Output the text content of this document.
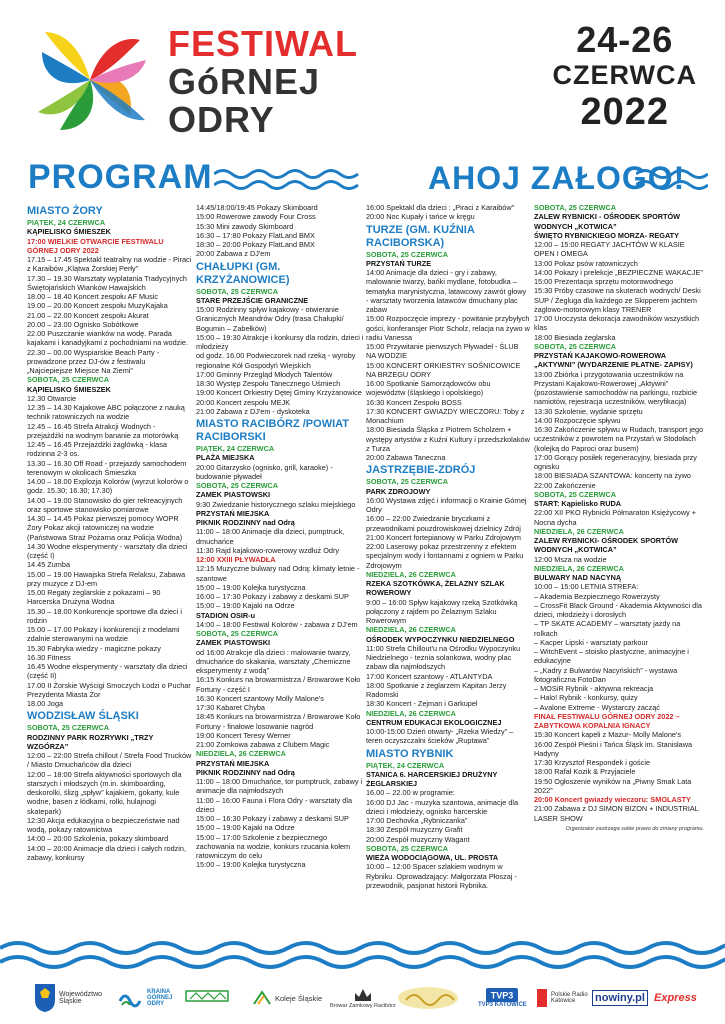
FESTIWAL
GóRNEJ
ODRY
24-26
CZERWCA
2022
PROGRAM	AHOJ ZAŁOGO!
MIASTO ŻORY
PIĄTEK, 24 CZERWCA
KĄPIELISKO ŚMIESZEK
17:00 WIELKIE OTWARCIE FESTIWALU GÓRNEJ ODRY 2022
17.15 – 17.45 Spektakl teatralny na wodzie - Piraci z Karaibów „Klątwa Żorskiej Perły”
17.30 – 19.30 Warsztaty wyplatania Tradycyjnych Świętojańskich Wianków Hawajskich
18.00 – 18.40 Koncert zespołu AF Music
19.00 – 20.00 Koncert zespołu MuzyKajaka
21.00 – 22.00 Koncert zespołu Akurat
20.00 – 23.00 Ognisko Sobótkowe
22.00 Puszczanie wianków na wodę. Parada kajakami i kanadyjkami z pochodniami na wodzie.
22.30 – 00.00 Wyspiarskie Beach Party - prowadzone przez DJ-ów z festiwalu „Najciepiejsze Miejsce Na Ziemi”
SOBOTA, 25 CZERWCA
KĄPIELISKO ŚMIESZEK
12.30 Otwarcie
12.35 – 14.30 Kajakowe ABC połączone z nauką technik ratowniczych na wodzie
12.45 – 16.45 Strefa Atrakcji Wodnych - przejażdżki na wodnym bananie za motorówką
12.45 – 16.45 Przejażdżki żaglówką - klasa rodzinna 2-3 os.
13.30 – 16.30 Off Road - przejazdy samochodem terenowym w okolicach Śmieszka
14.00 – 18.00 Explozja Kolorów (wyrzut kolorów o godz. 15.30; 16.30; 17.30)
14.00 – 19.00 Stanowisko do gier rekreacyjnych oraz sportowe stanowisko pomiarowe
14.30 – 14.45 Pokaz pierwszej pomocy WOPR Żory Pokaz akcji ratowniczej na wodzie (Państwowa Straż Pożarna oraz Policja Wodna)
14.30 Wodne eksperymenty - warsztaty dla dzieci (część I)
14.45 Zumba
15.00 – 19.00 Hawajska Strefa Relaksu, Zabawa przy muzyce z DJ-em
15.00 Regaty żeglarskie z pokazami – 90 Harcerska Drużyna Wodna
15.30 – 18.00 Konkurencje sportowe dla dzieci i rodzin
15.00 – 17.00 Pokazy i konkurencji z modelami zdalnie sterowanymi na wodzie
15.30 Fabryka wiedzy - magiczne pokazy
16.30 Fitness
16.45 Wodne eksperymenty - warsztaty dla dzieci (część II)
17.00 II Żorskie Wyścigi Smoczych Łodzi o Puchar Prezydenta Miasta Żor
18.00 Joga
WODZISŁAW ŚLĄSKI
SOBOTA, 25 CZERWCA
RODZINNY PARK ROZRYWKI „TRZY WZGÓRZA”
12:00 – 22:00 Strefa chillout / Strefa Food Trucków / Miasto Dmuchańców dla dzieci
12:00 – 18:00 Strefa aktywności sportowych dla starszych i młodszych (m.in. skimboarding, deskorolki, ślizg „spływ” kajakiem, gokarty, kule wodne, basen z łódkami, rolki, hulajnogi skatepark)
12:30 Akcja edukacyjna o bezpieczeństwie nad wodą, pokazy ratownictwa
14:00 – 20:00 Szkolenia, pokazy skimboard
14:00 – 20:00 Animacje dla dzieci i całych rodzin, zabawy, konkursy
14:45/18:00/19:45 Pokazy Skimboard
15:00 Rowerowe zawody Four Cross
15:30 Mini zawody Skimboard
16:30 – 17:80 Pokazy FlatLand BMX
18:30 – 20:00 Pokazy FlatLand BMX
20:00 Zabawa z DJ'em
CHAŁUPKI (GM. KRZYŻANOWICE)
SOBOTA, 25 CZERWCA
STARE PRZEJŚCIE GRANICZNE
15:00 Rodzinny spływ kajakowy - otwieranie Granicznych Meandrów Odry (trasa Chałupki/ Bogumin – Zabełków)
15:00 – 19:30 Atrakcje i konkursy dla rodzin, dzieci i młodzieży
od godz. 16.00 Podwieczorek nad rzeką - wyroby regionalne Kół Gospodyń Wiejskich
17:00 Gminny Przegląd Młodych Talentów
18:30 Występ Zespołu Tanecznego Uśmiech
19:00 Koncert Orkiestry Dętej Gminy Krzyżanowice
20:00 Koncert zespołu MEJK
21:00 Zabawa z DJ'em - dyskoteka
MIASTO RACIBÓRZ /POWIAT RACIBORSKI
PIĄTEK, 24 CZERWCA
PLAŻA MIEJSKA
20:00 Gitarzysko (ognisko, grill, karaoke) - budowanie pływadeł
SOBOTA, 25 CZERWCA
ZAMEK PIASTOWSKI
9:30 Zwiedzanie historycznego szlaku miejskiego
PRZYSTAŃ MIEJSKA
PIKNIK RODZINNY nad Odrą
11:00 – 18:00 Animacje dla dzieci, pumptruck, dmuchańce
11:30 Rajd kajakowo-rowerowy wzdłuż Odry
12:00 XXIII PŁYWADŁA
12:15 Muzyczne bulwary nad Odrą: klimaty letnie - szantowe
15:00 – 19:00 Kolejka turystyczna
16:00 – 17:30 Pokazy i zabawy z deskami SUP
15:00 – 19:00 Kajaki na Odrze
STADION OSIR-u
14:00 – 18:00 Festiwal Kolorów - zabawa z DJ'em
SOBOTA, 25 CZERWCA
ZAMEK PIASTOWSKI
od 16:00 Atrakcje dla dzieci : malowanie twarzy, dmuchańce do skakania, warsztaty „Chemiczne eksperymenty z wodą”
16:15 Konkurs na browarmistrza / Browarowe Koło Fortuny - część I
16:30 Koncert szantowy Molly Malone's
17:30 Kabaret Chyba
18:45 Konkurs na browarmistrza / Browarowe Koło Fortuny - finałowe losowanie nagród
19:00 Koncert Teresy Werner
21:00 Zomkowa zabawa z Clubem Magic
NIEDZIELA, 26 CZERWCA
PRZYSTAŃ MIEJSKA
PIKNIK RODZINNY nad Odrą
11:00 – 18:00 Dmuchańce, tor pumptruck, zabawy i animacje dla najmłodszych
11:00 – 16:00 Fauna i Flora Odry - warsztaty dla dzieci
15:00 – 16:30 Pokazy i zabawy z deskami SUP
15:00 – 19:00 Kajaki na Odrze
15:00 – 17:00 Szkolenie z bezpiecznego zachowania na wodzie, konkurs rzucania kołem ratowniczym do celu
15:00 – 19:00 Kolejka turystyczna
16:00 Spektakl dla dzieci : „Piraci z Karaibów”
20:00 Noc Kupały i tańce w kręgu
TURZE (GM. KUŹNIA RACIBORSKA)
SOBOTA, 25 CZERWCA
PRZYSTAŃ TURZE
14:00 Animacje dla dzieci - gry i zabawy, malowanie twarzy, bańki mydlane, fotobudka – tematyka marynistyczna, latawcowy zawrót głowy - warsztaty tworzenia latawców dmuchany plac zabaw
15:00 Rozpoczęcie imprezy - powitanie przybyłych gości, konferansjer Piotr Scholz, relacja na żywo w radiu Vanessa
15:00 Przywitanie pierwszych Pływadeł - ŚLUB NA WODZIE
15:00 KONCERT ORKIESTRY SOŚNICOWICE NA BRZEGU ODRY
16:00 Spotkanie Samorządowców obu województw (śląskiego i opolskiego)
16:30 Koncert Zespołu BOSS
17:30 KONCERT GWIAZDY WIECZORU: Toby z Monachium
18:00 Biesiada Śląska z Piotrem Scholzem + występy artystów z Kuźni Kultury i przedszkolaków z Turza
20:00 Zabawa Taneczna
JASTRZĘBIE-ZDRÓJ
SOBOTA, 25 CZERWCA
PARK ZDROJOWY
16:00 Wystawa zdjęć i informacji o Krainie Górnej Odry
16:00 – 22:00 Zwiedzanie bryczkami z przewodnikami pouzdrowiskowej dzielnicy Zdrój
21:00 Koncert fortepianowy w Parku Zdrojowym
22:00 Laserowy pokaz przestrzenny z efektem specjalnym wody i fontannami z ogniem w Parku Zdrojowym
NIEDZIELA, 26 CZERWCA
RZEKA SZOTKÓWKA, ŻELAZNY SZLAK ROWEROWY
9:00 – 16:00 Spływ kajakowy rzeką Szotkówką połączony z rajdem po Żelaznym Szlaku Rowerowym
NIEDZIELA, 26 CZERWCA
OŚRODEK WYPOCZYNKU NIEDZIELNEGO
11:00 Strefa Chillout'u na Ośrodku Wypoczynku Niedzielnego - teznia solankowa, wodny plac zabaw dla najmłodszych
17:00 Koncert szantowy - ATLANTYDA
18:00 Spotkanie z żeglarzem Kapitan Jerzy Radomski
18:30 Koncert - Zejman i Garkupel
NIEDZIELA, 26 CZERWCA
CENTRUM EDUKACJI EKOLOGICZNEJ
10:00-15:00 Dzień otwarty- „Rzeka Wiedzy” – teren oczyszczalni ścieków „Ruptawa”
MIASTO RYBNIK
PIĄTEK, 24 CZERWCA
STANICA 6. HARCERSKIEJ DRUŻYNY ŻEGLARSKIEJ
16.00 – 22.00 w programie:
16:00 DJ Jac - muzyka szantowa, animacje dla dzieci i młodzieży, ognisko harcerskie
17:00 Dechovka „Rybniczanka”
18:30 Zespół muzyczny Grafit
20:00 Zespół muzyczny Wagant
SOBOTA, 25 CZERWCA
WIEŻA WODOCIĄGOWA, UL. PROSTA
10:00 – 12:00 Spacer szlakiem wodnym w Rybniku. Oprowadzający: Małgorzata Płoszaj - przewodnik, pasjonat historii Rybnika.
SOBOTA, 25 CZERWCA
ZALEW RYBNICKI - OŚRODEK SPORTÓW WODNYCH „KOTWICA”
ŚWIĘTO RYBNICKIEGO MORZA- REGATY
12:00 – 15:00 REGATY JACHTÓW W KLASIE OPEN I OMEGA
13:00 Pokaz psów ratowniczych
14:00 Pokazy i prelekcje „BEZPIECZNE WAKACJE”
15:00 Prezentacja sprzętu motorowodnego
15:30 Próby czasowe na skuterach wodnych/ Deski SUP / Żegluga dla każdego ze Skipperem jachtem żaglowo-motorowym klasy TRENER
17:00 Uroczysta dekoracja zawodników wszystkich klas
18:00 Biesiada żeglarska
SOBOTA, 25 CZERWCA
PRZYSTAŃ KAJAKOWO-ROWEROWA „AKTYWNI” (WYDARZENIE PŁATNE- ZAPISY)
13:00 Zbiórka i przygotowania uczestników na Przystani Kajakowo-Rowerowej „Aktywni” (pozostawienie samochodów na parkingu, rozbicie namiotów, rejestracja uczestników, weryfikacja)
13:30 Szkolenie, wydanie sprzętu
14:00 Rozpoczęcie spływu
16:30 Zakończenie spływu w Rudach, transport jego uczestników z powrotem na Przystań w Stodołach (kolejką do Paproci oraz busem)
17:00 Gorący posiłek regeneracyjny, biesiada przy ognisku
18:00 BIESIADA SZANTOWA: koncerty na żywo
22:00 Zakończenie
SOBOTA, 25 CZERWCA
START: Kąpielisko RUDA
22:00 XII PKO Rybnicki Półmaraton Księżycowy + Nocna dycha
NIEDZIELA, 26 CZERWCA
ZALEW RYBNICKI- OŚRODEK SPORTÓW WODNYCH „KOTWICA”
12:00 Msza na wodzie
NIEDZIELA, 26 CZERWCA
BULWARY NAD NACYNĄ
10:00 – 15:00 LETNIA STREFA:
– Akademia Bezpiecznego Rowerzysty
– CrossFit Black Ground - Akademia Aktywności dla dzieci, młodzieży i dorosłych
– TP SKATE ACADEMY – warsztaty jazdy na rolkach
– Kacper Lipski - warsztaty parkour
– WitchEvent – stoisko plastyczne, animacyjne i edukacyjne
– „Kadry z Bulwarów Nacyńskich” - wystawa fotograficzna FotoDan
– MOSiR Rybnik - aktywna rekreacja
– Halo! Rybnik - konkursy, quizy
– Avalone Extreme - Wystarczy zacząć
FINAŁ FESTIWALU GÓRNEJ ODRY 2022 – ZABYTKOWA KOPALNIA IGNACY
15:30 Koncert kapeli z Mazur- Molly Malone's
16:00 Zespół Pieśni i Tańca Śląsk im. Stanisława Hadyny
17:30 Krzysztof Respondek i goście
18:00 Rafał Kozik & Przyjaciele
19:50 Ogłoszenie wyników na „Piwny Smak Lata 2022”
20:00 Koncert gwiazdy wieczoru: SMOLASTY
21:00 Zabawa z DJ SIMON BIZON + INDUSTRIAL LASER SHOW
Organizator zastrzega sobie prawo do zmiany programu.
Województwo Śląskie
KRAINA GÓRNEJ ODRY
Koleje Śląskie
Browar Zamkowy Racibórz
TVP3
TVP3 KATOWICE
Polskie Radio Katowice	nowiny.pl Express
